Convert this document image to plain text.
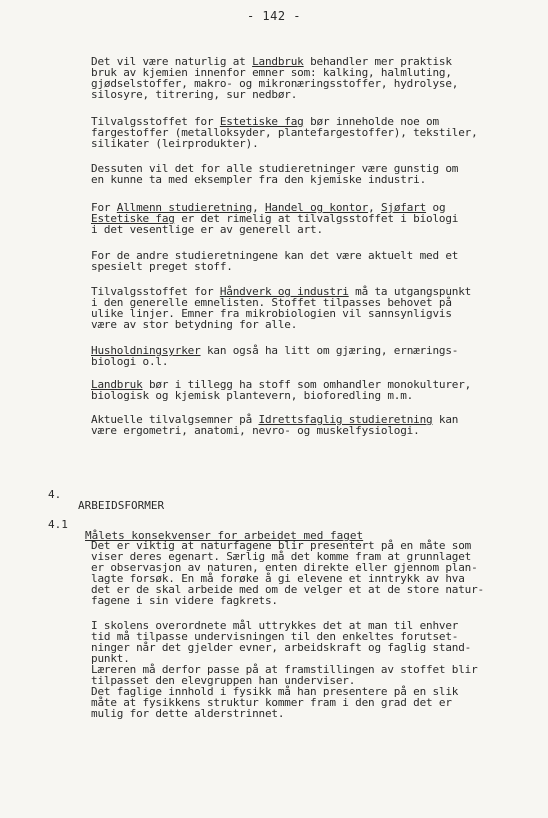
- 142 -

Det vil være naturlig at Landbruk behandler mer praktisk
bruk av kjemien innenfor emner som: kalking, halmluting,
gjødselstoffer, makro- og mikronæringsstoffer, hydrolyse,
silosyre, titrering, sur nedbør.

Tilvalgsstoffet for Estetiske fag bør inneholde noe om
fargestoffer (metalloksyder, plantefargestoffer), tekstiler,
silikater (leirprodukter).

Dessuten vil det for alle studieretninger være gunstig om
en kunne ta med eksempler fra den kjemiske industri.

For Allmenn studieretning, Handel og kontor, Sjøfart og
Estetiske fag er det rimelig at tilvalgsstoffet i biologi
i det vesentlige er av generell art.

For de andre studieretningene kan det være aktuelt med et
spesielt preget stoff.

Tilvalgsstoffet for Håndverk og industri må ta utgangspunkt
i den generelle emnelisten. Stoffet tilpasses behovet på
ulike linjer. Emner fra mikrobiologien vil sannsynligvis
være av stor betydning for alle.

Husholdningsyrker kan også ha litt om gjæring, ernærings-
biologi o.l.

Landbruk bør i tillegg ha stoff som omhandler monokulturer,
biologisk og kjemisk plantevern, bioforedling m.m.

Aktuelle tilvalgsemner på Idrettsfaglig studieretning kan
være ergometri, anatomi, nevro- og muskelfysiologi.

4.

ARBEIDSFORMER

4.1

Målets konsekvenser for arbeidet med faget

Det er viktig at naturfagene blir presentert på en måte som
viser deres egenart. Særlig må det komme fram at grunnlaget
er observasjon av naturen, enten direkte eller gjennom plan-
lagte forsøk. En må forøke å gi elevene et inntrykk av hva
det er de skal arbeide med om de velger et at de store natur-
fagene i sin videre fagkrets.

I skolens overordnete mål uttrykkes det at man til enhver
tid må tilpasse undervisningen til den enkeltes forutset-
ninger når det gjelder evner, arbeidskraft og faglig stand-
punkt.
Læreren må derfor passe på at framstillingen av stoffet blir
tilpasset den elevgruppen han underviser.
Det faglige innhold i fysikk må han presentere på en slik
måte at fysikkens struktur kommer fram i den grad det er
mulig for dette alderstrinnet.
